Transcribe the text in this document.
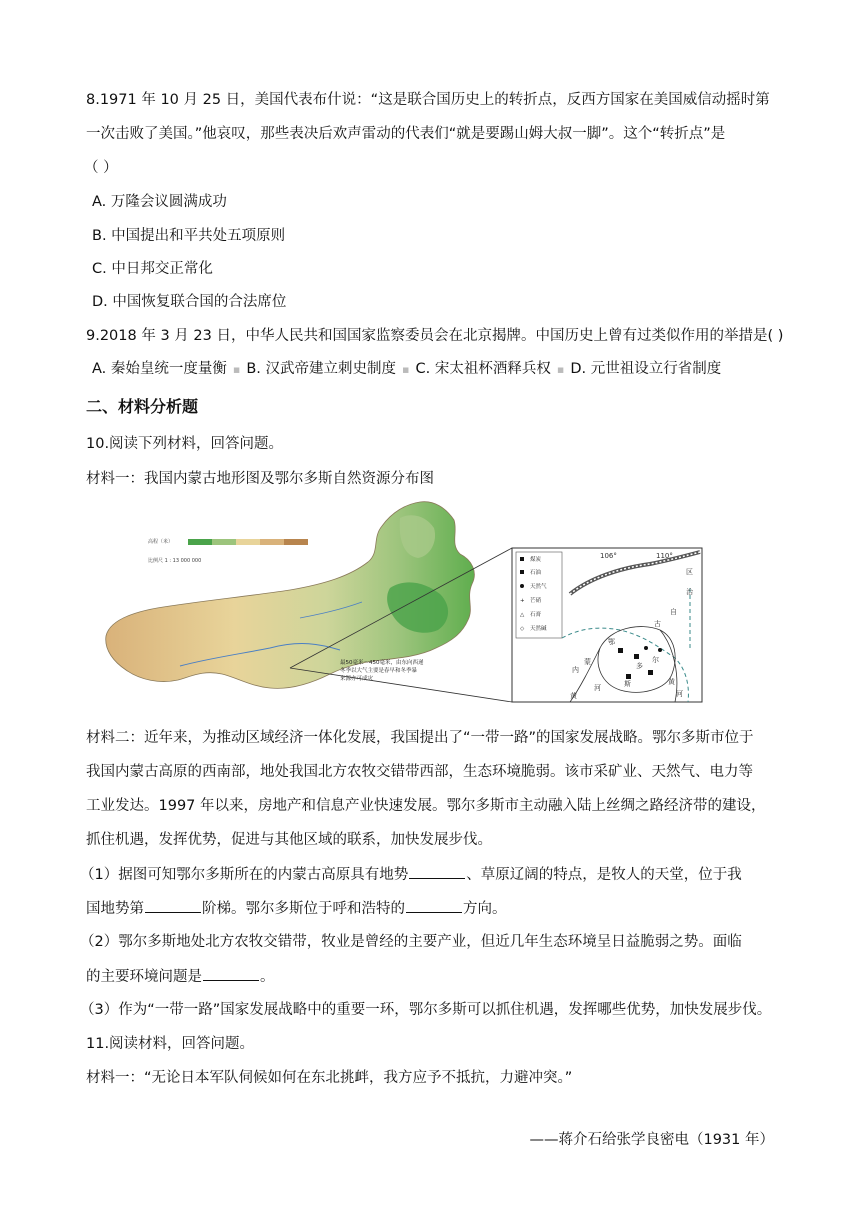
8.1971 年 10 月 25 日，美国代表布什说：“这是联合国历史上的转折点，反西方国家在美国威信动摇时第
一次击败了美国。”他哀叹，那些表决后欢声雷动的代表们“就是要踢山姆大叔一脚”。这个“转折点”是
（ ）
A. 万隆会议圆满成功
B. 中国提出和平共处五项原则
C. 中日邦交正常化
D. 中国恢复联合国的合法席位
9.2018 年 3 月 23 日，中华人民共和国国家监察委员会在北京揭牌。中国历史上曾有过类似作用的举措是( )
A. 秦始皇统一度量衡 ▪ B. 汉武帝建立刺史制度 ▪ C. 宋太祖杯酒释兵权 ▪ D. 元世祖设立行省制度
二、材料分析题
10.阅读下列材料，回答问题。
材料一：我国内蒙古地形图及鄂尔多斯自然资源分布图
高程（米）
比例尺 1 : 13 000 000
最50毫米～450毫米，由东向西递
冬季以大气主要是春早和冬季暴
来源亦可成灾
煤炭
石油
天然气
+ 芒硝
△ 石膏
◇ 天然碱
106°	110°
区
治
古
自
内
鄂
尔
多
斯
黄
河
黄
河
蒙
材料二：近年来，为推动区域经济一体化发展，我国提出了“一带一路”的国家发展战略。鄂尔多斯市位于
我国内蒙古高原的西南部，地处我国北方农牧交错带西部，生态环境脆弱。该市采矿业、天然气、电力等
工业发达。1997 年以来，房地产和信息产业快速发展。鄂尔多斯市主动融入陆上丝绸之路经济带的建设，
抓住机遇，发挥优势，促进与其他区域的联系，加快发展步伐。
（1）据图可知鄂尔多斯所在的内蒙古高原具有地势	、草原辽阔的特点，是牧人的天堂，位于我
国地势第	阶梯。鄂尔多斯位于呼和浩特的	方向。
（2）鄂尔多斯地处北方农牧交错带，牧业是曾经的主要产业，但近几年生态环境呈日益脆弱之势。面临
的主要环境问题是	。
（3）作为“一带一路”国家发展战略中的重要一环，鄂尔多斯可以抓住机遇，发挥哪些优势，加快发展步伐。
11.阅读材料，回答问题。
材料一：“无论日本军队伺候如何在东北挑衅，我方应予不抵抗，力避冲突。”
——蒋介石给张学良密电（1931 年）
